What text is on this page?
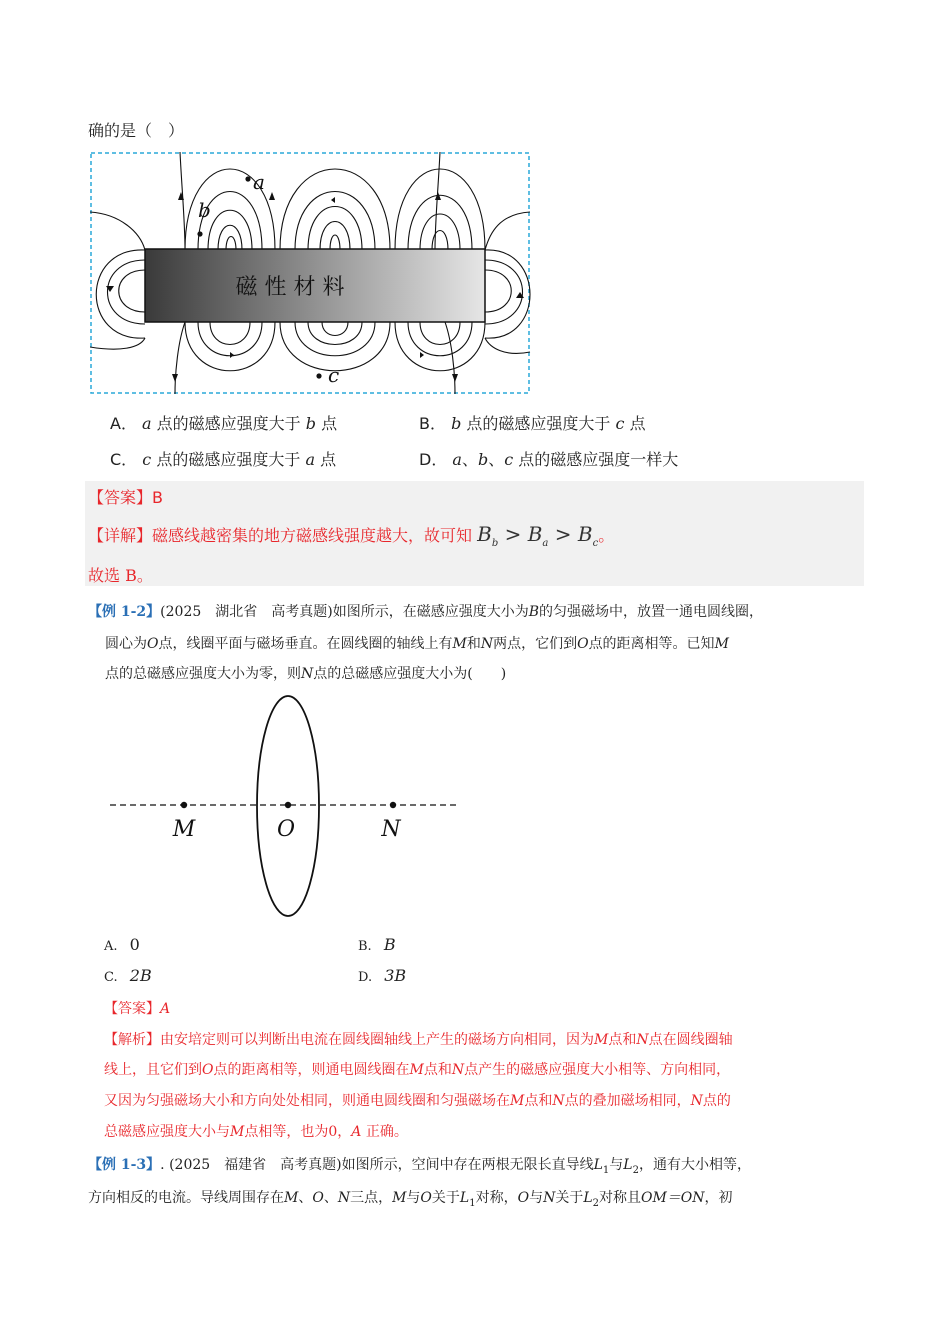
确的是（　）
磁 性 材 料
a
b
c
A． a 点的磁感应强度大于 b 点	B． b 点的磁感应强度大于 c 点
C． c 点的磁感应强度大于 a 点	D． a、b、c 点的磁感应强度一样大
【答案】B
【详解】磁感线越密集的地方磁感线强度越大，故可知 $B_b > B_a > B_c$。
故选 B。
【例 1-2】(2025　湖北省　高考真题)如图所示，在磁感应强度大小为B的匀强磁场中，放置一通电圆线圈，
圆心为O点，线圈平面与磁场垂直。在圆线圈的轴线上有M和N两点，它们到O点的距离相等。已知M
点的总磁感应强度大小为零，则N点的总磁感应强度大小为(　　)
M	O	N
A. 0	B. B
C. 2B	D. 3B
【答案】A
【解析】由安培定则可以判断出电流在圆线圈轴线上产生的磁场方向相同，因为M点和N点在圆线圈轴
线上，且它们到O点的距离相等，则通电圆线圈在M点和N点产生的磁感应强度大小相等、方向相同，
又因为匀强磁场大小和方向处处相同，则通电圆线圈和匀强磁场在M点和N点的叠加磁场相同，N点的
总磁感应强度大小与M点相等，也为0，A 正确。
【例 1-3】. (2025　福建省　高考真题)如图所示，空间中存在两根无限长直导线$L_1$与$L_2$，通有大小相等，
方向相反的电流。导线周围存在M、O、N三点，M与O关于$L_1$对称，O与N关于$L_2$对称且OM＝ON，初
